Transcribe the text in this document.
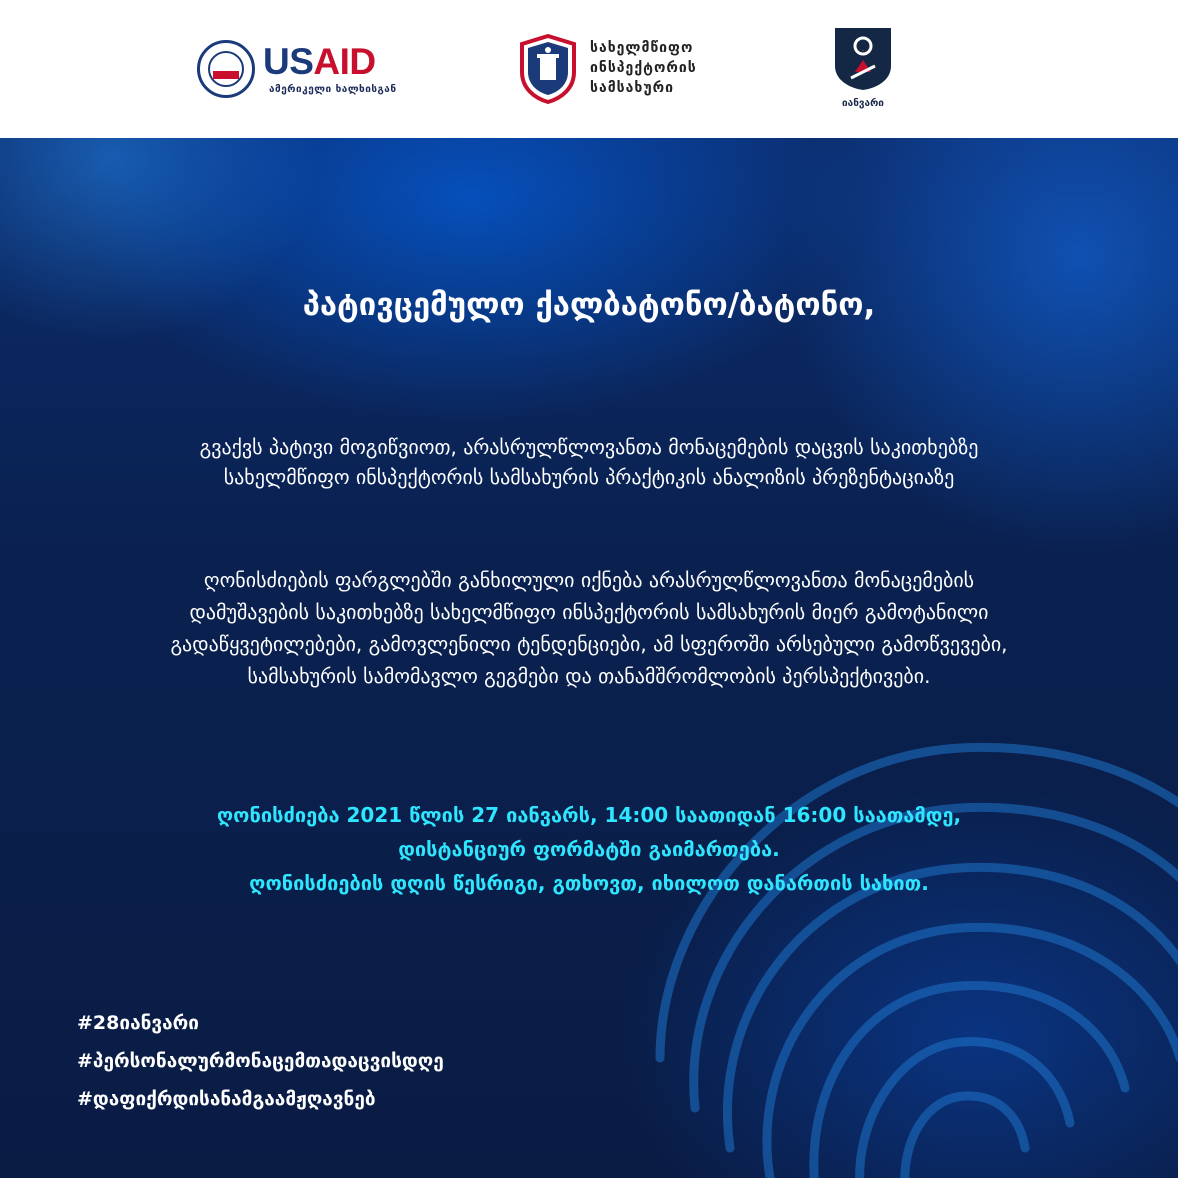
USAID
ამერიკელი ხალხისგან
სახელმწიფო
ინსპექტორის
სამსახური
28
იანვარი
პატივცემულო ქალბატონო/ბატონო,
გვაქვს პატივი მოგიწვიოთ, არასრულწლოვანთა მონაცემების დაცვის საკითხებზე
სახელმწიფო ინსპექტორის სამსახურის პრაქტიკის ანალიზის პრეზენტაციაზე
ღონისძიების ფარგლებში განხილული იქნება არასრულწლოვანთა მონაცემების
დამუშავების საკითხებზე სახელმწიფო ინსპექტორის სამსახურის მიერ გამოტანილი
გადაწყვეტილებები, გამოვლენილი ტენდენციები, ამ სფეროში არსებული გამოწვევები,
სამსახურის სამომავლო გეგმები და თანამშრომლობის პერსპექტივები.
ღონისძიება 2021 წლის 27 იანვარს, 14:00 საათიდან 16:00 საათამდე,
დისტანციურ ფორმატში გაიმართება.
ღონისძიების დღის წესრიგი, გთხოვთ, იხილოთ დანართის სახით.
#28იანვარი
#პერსონალურმონაცემთადაცვისდღე
#დაფიქრდისანამგაამჟღავნებ
